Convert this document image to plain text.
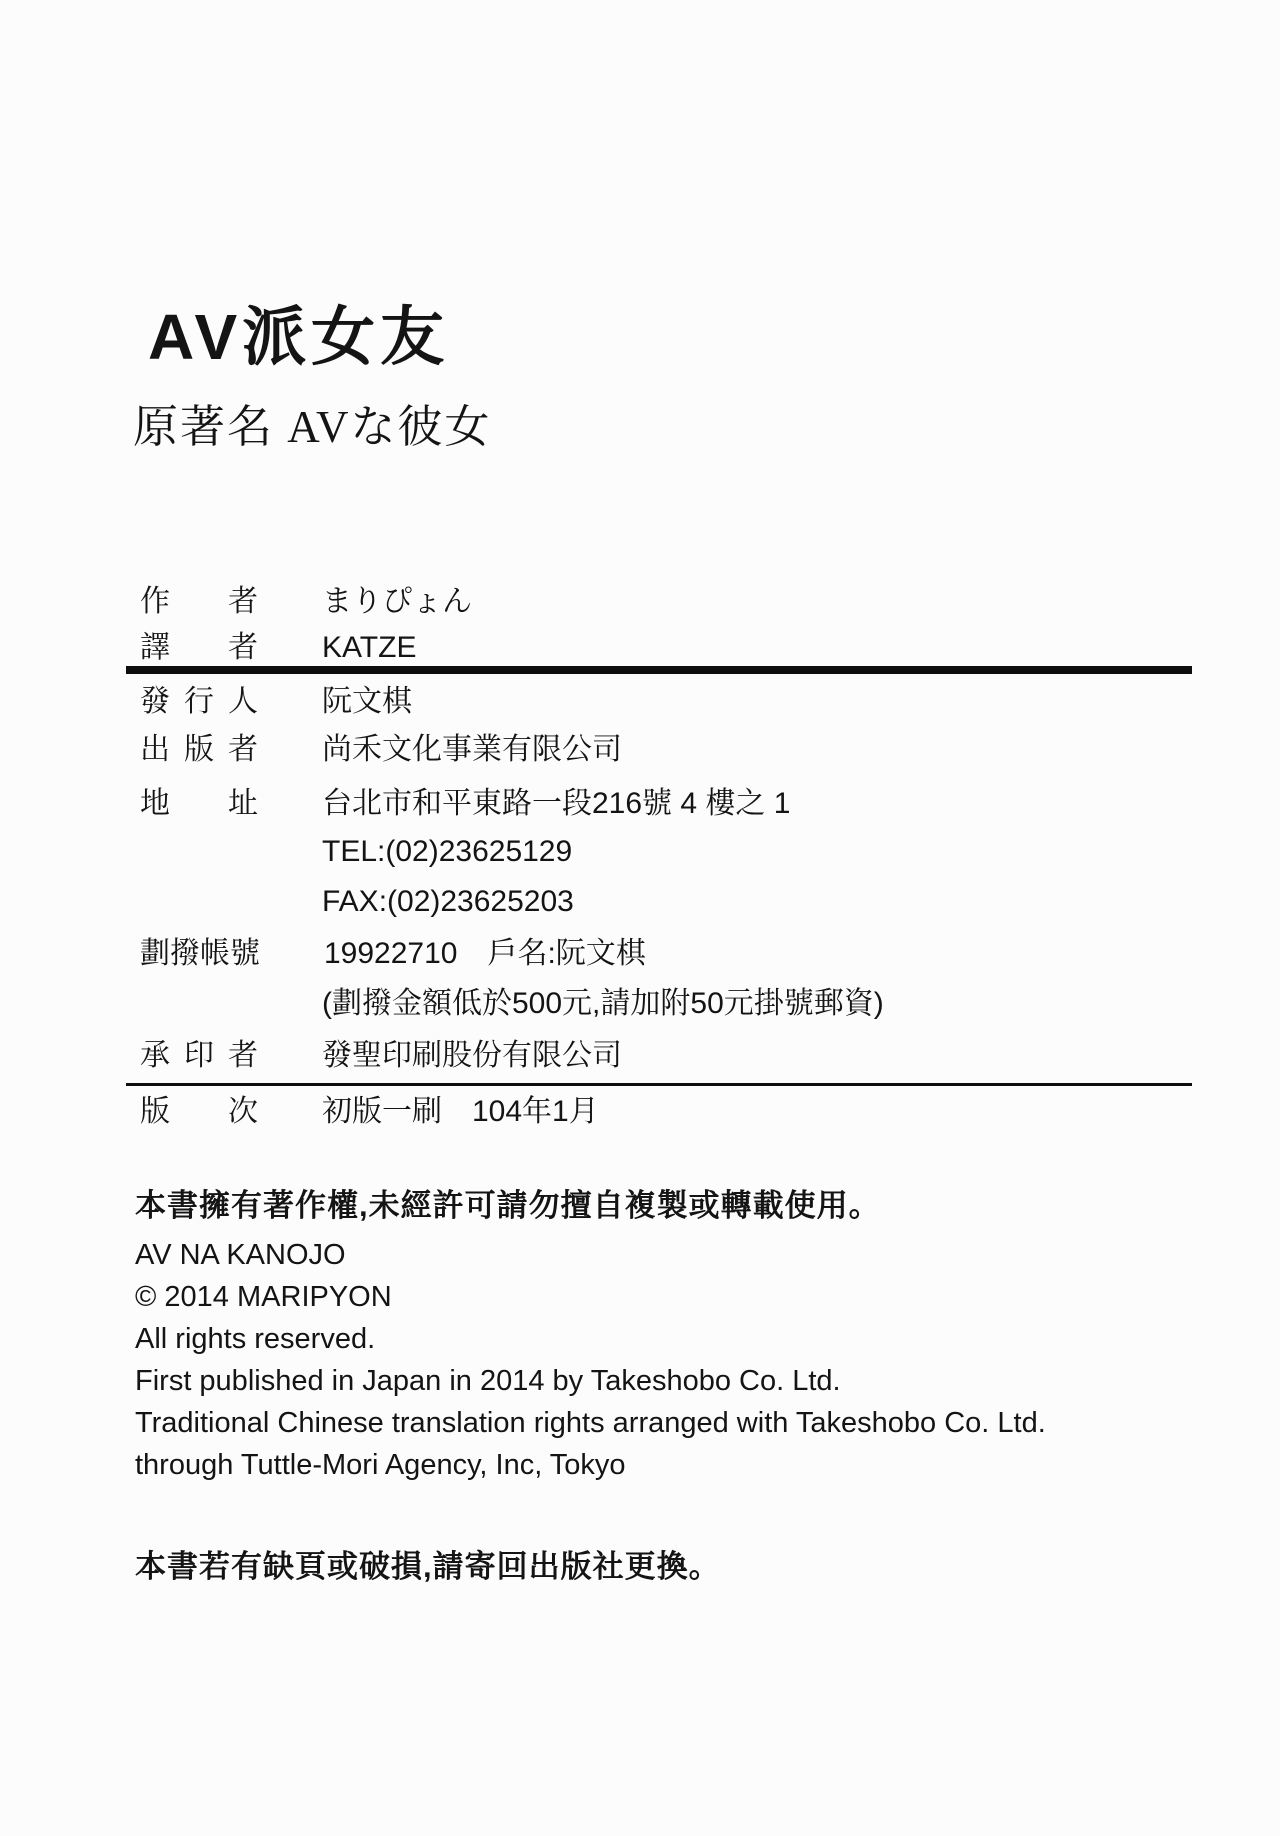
AV派女友
原著名 AVな彼女
作 者 まりぴょん
譯 者 KATZE
發 行 人 阮文棋
出 版 者 尚禾文化事業有限公司
地 址 台北市和平東路一段216號 4 樓之 1
TEL:(02)23625129
FAX:(02)23625203
劃 撥 帳 號 19922710　戶名:阮文棋
(劃撥金額低於500元,請加附50元掛號郵資)
承 印 者 發聖印刷股份有限公司
版 次 初版一刷　104年1月
本書擁有著作權,未經許可請勿擅自複製或轉載使用。
AV NA KANOJO
© 2014 MARIPYON
All rights reserved.
First published in Japan in 2014 by Takeshobo Co. Ltd.
Traditional Chinese translation rights arranged with Takeshobo Co. Ltd.
through Tuttle-Mori Agency, Inc, Tokyo
本書若有缺頁或破損,請寄回出版社更換。
